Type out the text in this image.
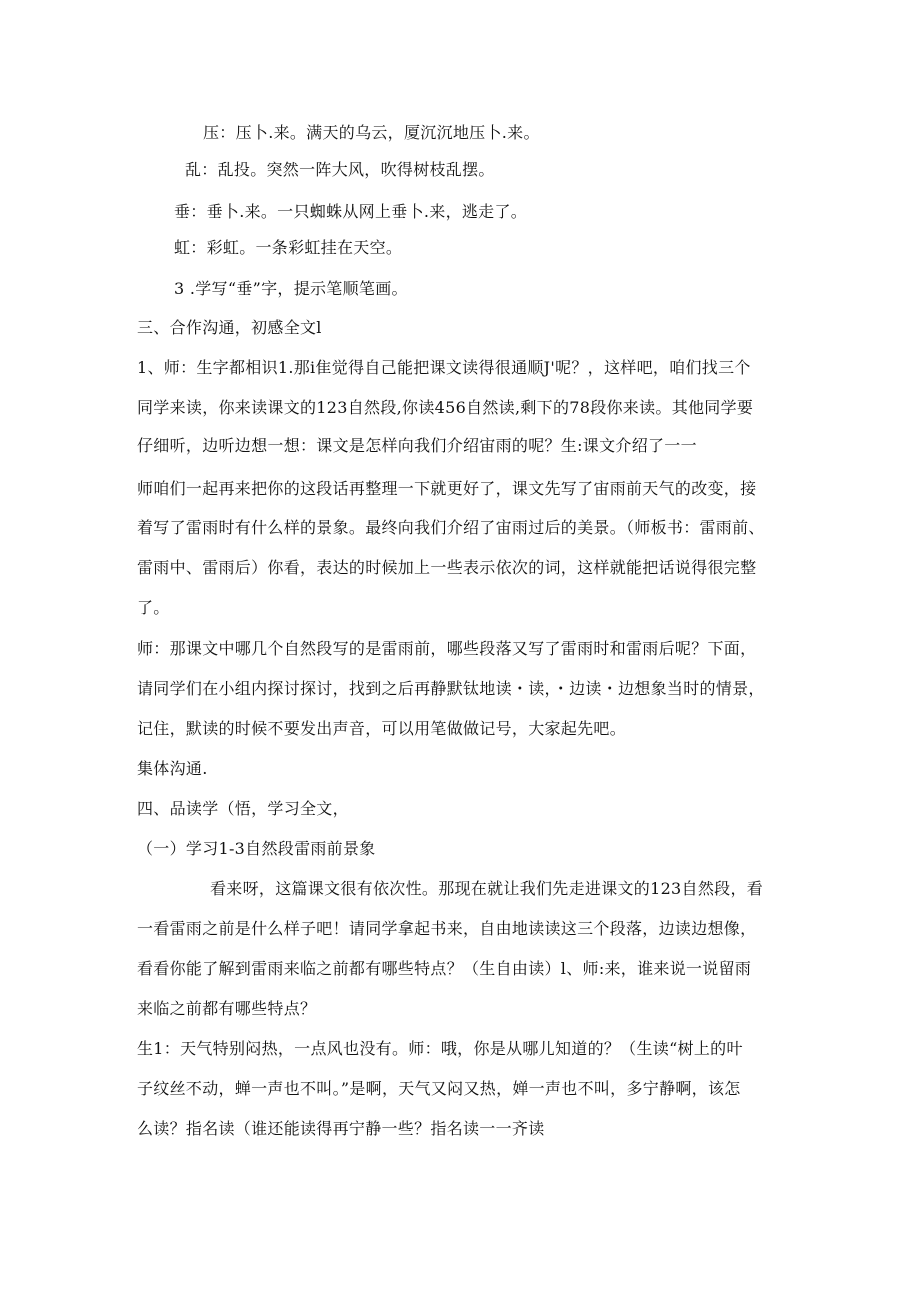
压：压卜.来。满天的乌云，厦沉沉地压卜.来。
乱：乱投。突然一阵大风，吹得树枝乱摆。
垂：垂卜.来。一只蜘蛛从网上垂卜.来，逃走了。
虹：彩虹。一条彩虹挂在天空。
3 .学写“垂”字，提示笔顺笔画。
三、合作沟通，初感全文l
1、师：生字都相识1.那i隹觉得自己能把课文读得很通顺J'呢？，这样吧，咱们找三个
同学来读，你来读课文的123自然段,你读456自然读,剩下的78段你来读。其他同学要
仔细听，边听边想一想：课文是怎样向我们介绍宙雨的呢？生:课文介绍了一一
师咱们一起再来把你的这段话再整理一下就更好了，课文先写了宙雨前天气的改变，接
着写了雷雨时有什么样的景象。最终向我们介绍了宙雨过后的美景。（师板书：雷雨前、
雷雨中、雷雨后）你看，表达的时候加上一些表示依次的词，这样就能把话说得很完整
了。
师：那课文中哪几个自然段写的是雷雨前，哪些段落又写了雷雨时和雷雨后呢？下面，
请同学们在小组内探讨探讨，找到之后再静默钛地读・读，・边读・边想象当时的情景，
记住，默读的时候不要发出声音，可以用笔做做记号，大家起先吧。
集体沟通.
四、品读学（悟，学习全文，
（一）学习1-3自然段雷雨前景象
看来呀，这篇课文很有依次性。那现在就让我们先走进课文的123自然段，看
一看雷雨之前是什么样子吧！请同学拿起书来，自由地读读这三个段落，边读边想像，
看看你能了解到雷雨来临之前都有哪些特点？（生自由读）l、师:来，谁来说一说留雨
来临之前都有哪些特点？
生1：天气特别闷热，一点风也没有。师：哦，你是从哪儿知道的？（生读“树上的叶
子纹丝不动，蝉一声也不叫。”是啊，天气又闷又热，婵一声也不叫，多宁静啊，该怎
么读？指名读（谁还能读得再宁静一些？指名读一一齐读
